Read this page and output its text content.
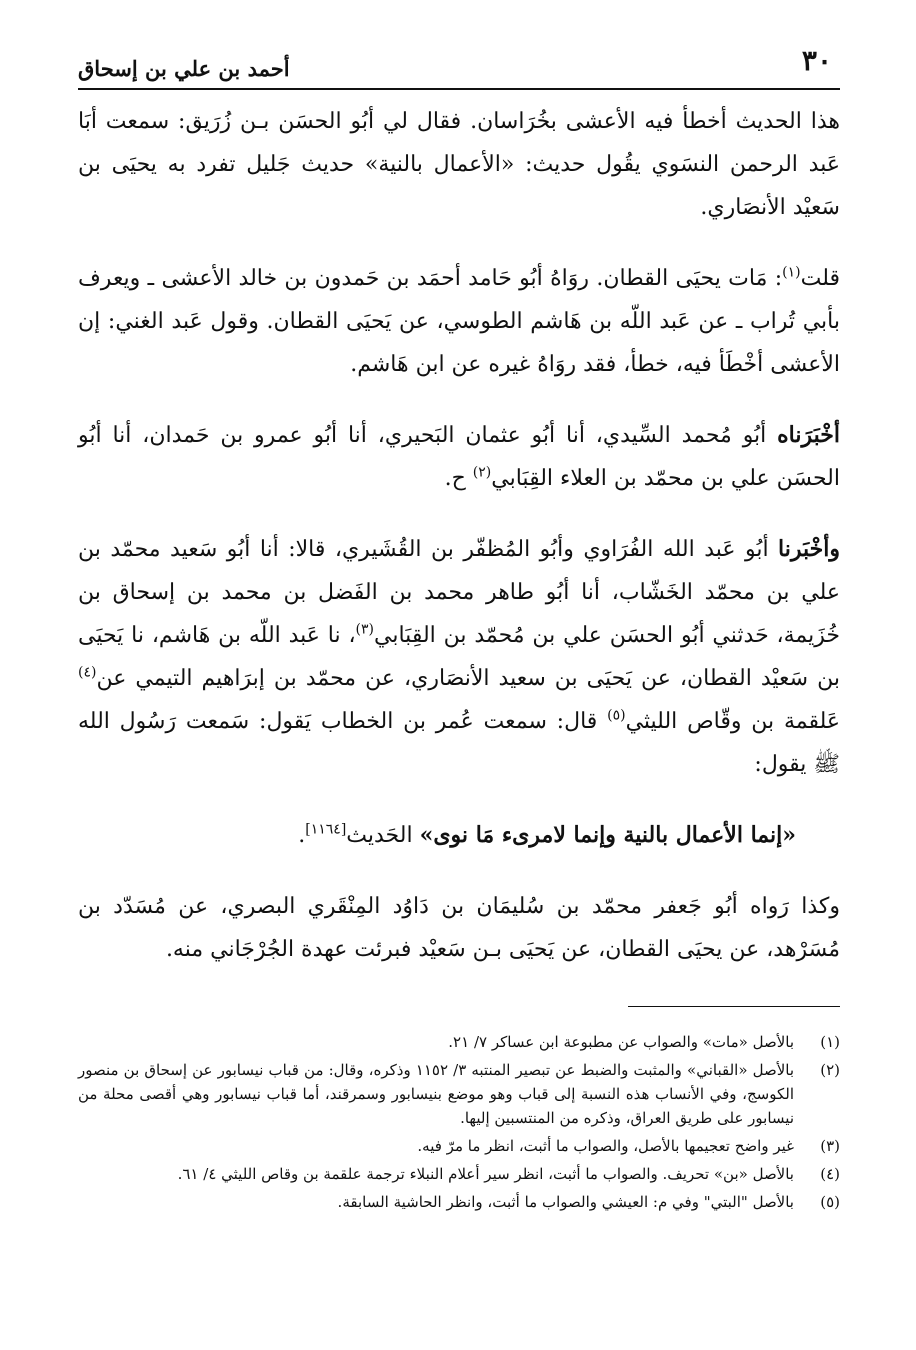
٣٠
أحمد بن علي بن إسحاق

هذا الحديث أخطأ فيه الأعشى بخُرَاسان. فقال لي أبُو الحسَن بـن زُرَيق: سمعت أبَا عَبد الرحمن النسَوي يقُول حديث: «الأعمال بالنية» حديث جَليل تفرد به يحيَى بن سَعيْد الأنصَاري.

قلت$^{(١)}$: مَات يحيَى القطان. روَاهُ أبُو حَامد أحمَد بن حَمدون بن خالد الأعشى ـ ويعرف بأبي تُراب ـ عن عَبد اللّه بن هَاشم الطوسي، عن يَحيَى القطان. وقول عَبد الغني: إن الأعشى أخْطَأ فيه، خطأ، فقد روَاهُ غيره عن ابن هَاشم.

أخْبَرَناه أبُو مُحمد السِّيدي، أنا أبُو عثمان البَحيري، أنا أبُو عمرو بن حَمدان، أنا أبُو الحسَن علي بن محمّد بن العلاء القِبَابي$^{(٢)}$ ح.

وأخْبَرنا أبُو عَبد الله الفُرَاوي وأبُو المُظفّر بن القُشَيري، قالا: أنا أبُو سَعيد محمّد بن علي بن محمّد الخَشّاب، أنا أبُو طاهر محمد بن الفَضل بن محمد بن إسحاق بن خُزَيمة، حَدثني أبُو الحسَن علي بن مُحمّد بن القِبَابي$^{(٣)}$، نا عَبد اللّه بن هَاشم، نا يَحيَى بن سَعيْد القطان، عن يَحيَى بن سعيد الأنصَاري، عن محمّد بن إبرَاهيم التيمي عن$^{(٤)}$ عَلقمة بن وقّاص الليثي$^{(٥)}$ قال: سمعت عُمر بن الخطاب يَقول: سَمعت رَسُول الله ﷺ يقول:

«إنما الأعمال بالنية وإنما لامرىء مَا نوى» الحَديث[١١٦٤].

وكذا رَواه أبُو جَعفر محمّد بن سُليمَان بن دَاوُد المِنْقَري البصري، عن مُسَدّد بن مُسَرْهد، عن يحيَى القطان، عن يَحيَى بـن سَعيْد فبرئت عهدة الجُرْجَاني منه.

(١)
بالأصل «مات» والصواب عن مطبوعة ابن عساكر ٧/ ٢١.
(٢)
بالأصل «القباني» والمثبت والضبط عن تبصير المنتبه ٣/ ١١٥٢ وذكره، وقال: من قباب نيسابور عن إسحاق بن منصور الكوسج، وفي الأنساب هذه النسبة إلى قباب وهو موضع بنيسابور وسمرقند، أما قباب نيسابور وهي أقصى محلة من نيسابور على طريق العراق، وذكره من المنتسبين إليها.
(٣)
غير واضح تعجيمها بالأصل، والصواب ما أثبت، انظر ما مرّ فيه.
(٤)
بالأصل «بن» تحريف. والصواب ما أثبت، انظر سير أعلام النبلاء ترجمة علقمة بن وقاص الليثي ٤/ ٦١.
(٥)
بالأصل "البتي" وفي م: العيشي والصواب ما أثبت، وانظر الحاشية السابقة.
